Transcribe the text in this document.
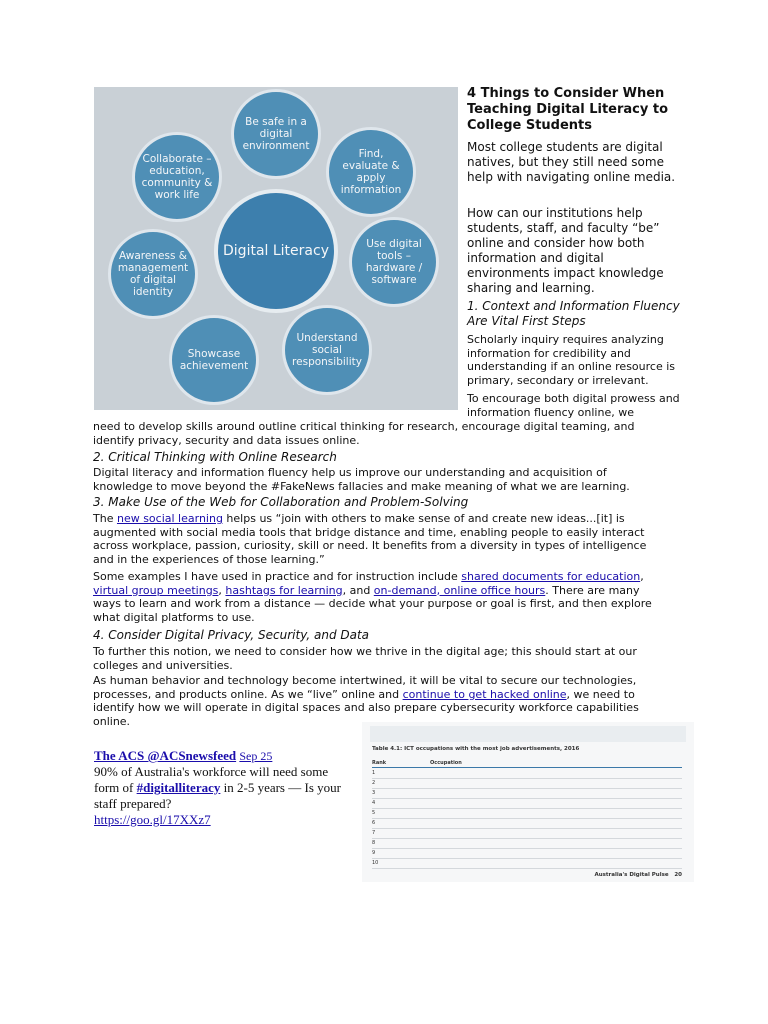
Digital Literacy
Be safe in a digital environment
Find, evaluate & apply information
Use digital tools – hardware / software
Understand social responsibility
Showcase achievement
Awareness & management of digital identity
Collaborate – education, community & work life
4 Things to Consider When Teaching Digital Literacy to College Students
Most college students are digital natives, but they still need some help with navigating online media.
How can our institutions help students, staff, and faculty “be” online and consider how both information and digital environments impact knowledge sharing and learning.
1. Context and Information Fluency Are Vital First Steps
Scholarly inquiry requires analyzing information for credibility and understanding if an online resource is primary, secondary or irrelevant.
To encourage both digital prowess and information fluency online, we
need to develop skills around outline critical thinking for research, encourage digital teaming, and identify privacy, security and data issues online.
2. Critical Thinking with Online Research
Digital literacy and information fluency help us improve our understanding and acquisition of knowledge to move beyond the #FakeNews fallacies and make meaning of what we are learning.
3. Make Use of the Web for Collaboration and Problem-Solving
The new social learning helps us “join with others to make sense of and create new ideas...[it] is augmented with social media tools that bridge distance and time, enabling people to easily interact across workplace, passion, curiosity, skill or need. It benefits from a diversity in types of intelligence and in the experiences of those learning.”
Some examples I have used in practice and for instruction include shared documents for education, virtual group meetings, hashtags for learning, and on-demand, online office hours. There are many ways to learn and work from a distance — decide what your purpose or goal is first, and then explore what digital platforms to use.
4. Consider Digital Privacy, Security, and Data
To further this notion, we need to consider how we thrive in the digital age; this should start at our colleges and universities.
As human behavior and technology become intertwined, it will be vital to secure our technologies, processes, and products online. As we “live” online and continue to get hacked online, we need to identify how we will operate in digital spaces and also prepare cybersecurity workforce capabilities online.
The ACS @ACSnewsfeed Sep 25
90% of Australia's workforce will need some form of #digitalliteracy in 2-5 years — Is your staff prepared?
https://goo.gl/17XXz7
Table 4.1: ICT occupations with the most job advertisements, 2016
Rank	Occupation
1
2
3
4
5
6
7
8
9
10
Australia's Digital Pulse 20
